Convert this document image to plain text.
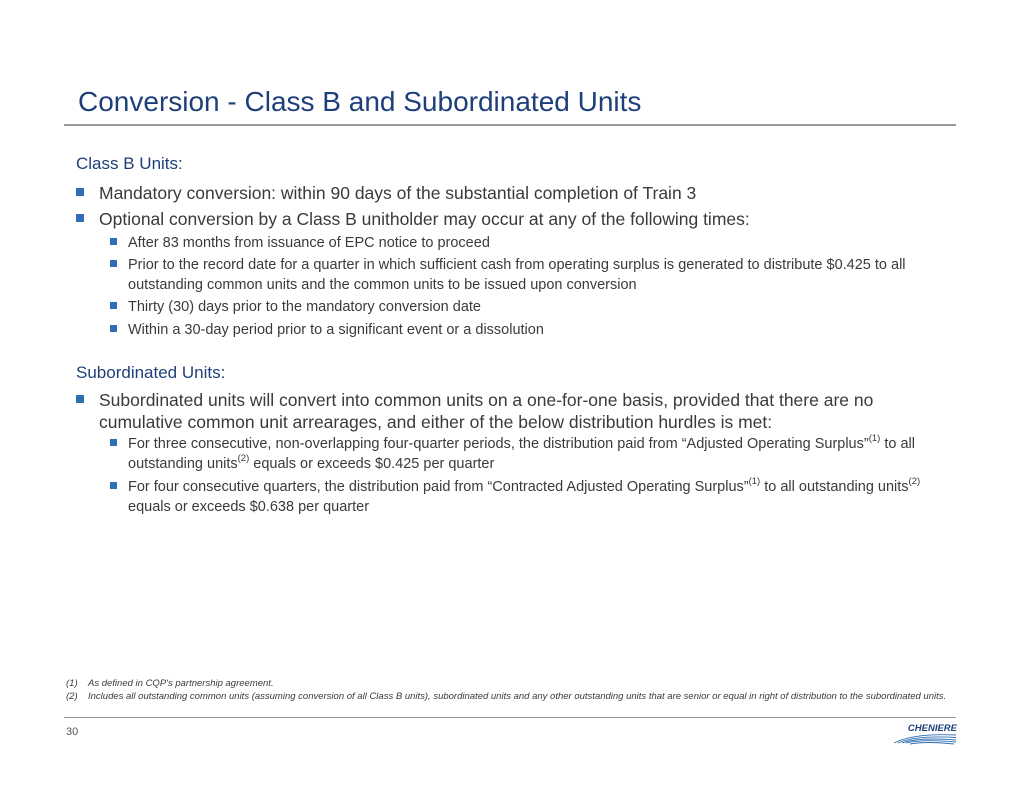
Conversion - Class B and Subordinated Units
Class B Units:
Mandatory conversion: within 90 days of the substantial completion of Train 3
Optional conversion by a Class B unitholder may occur at any of the following times:
After 83 months from issuance of EPC notice to proceed
Prior to the record date for a quarter in which sufficient cash from operating surplus is generated to distribute $0.425 to all outstanding common units and the common units to be issued upon conversion
Thirty (30) days prior to the mandatory conversion date
Within a 30-day period prior to a significant event or a dissolution
Subordinated Units:
Subordinated units will convert into common units on a one-for-one basis, provided that there are no cumulative common unit arrearages, and either of the below distribution hurdles is met:
For three consecutive, non-overlapping four-quarter periods, the distribution paid from “Adjusted Operating Surplus”$^{(1)}$ to all outstanding units$^{(2)}$ equals or exceeds $0.425 per quarter
For four consecutive quarters, the distribution paid from “Contracted Adjusted Operating Surplus”$^{(1)}$ to all outstanding units$^{(2)}$ equals or exceeds $0.638 per quarter
(1) As defined in CQP's partnership agreement.
(2) Includes all outstanding common units (assuming conversion of all Class B units), subordinated units and any other outstanding units that are senior or equal in right of distribution to the subordinated units.
30	CHENIERE
